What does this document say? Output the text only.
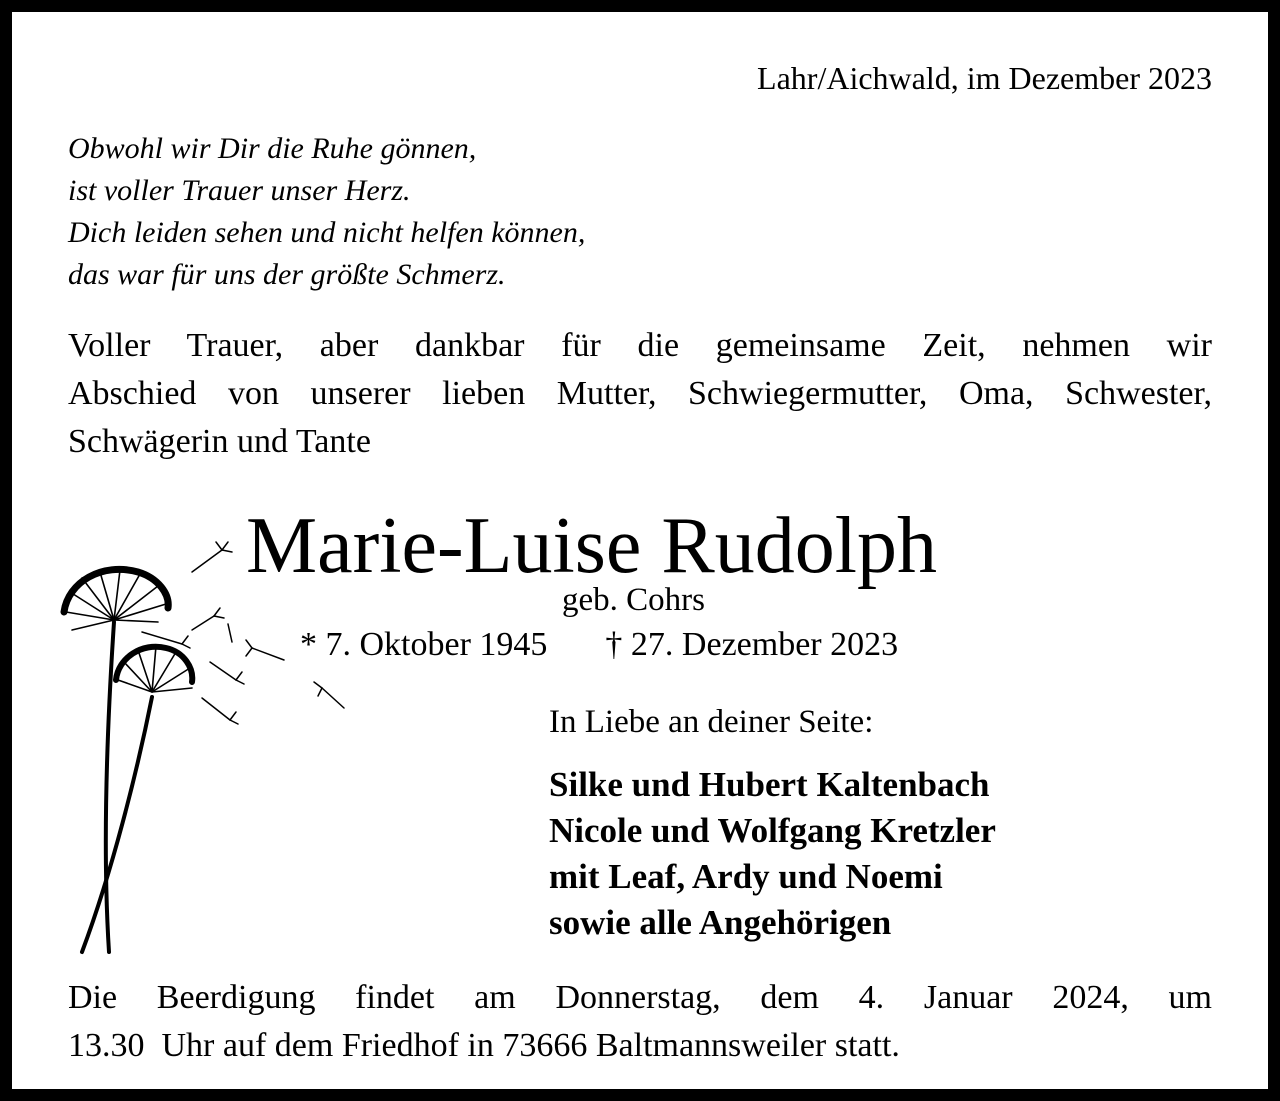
Lahr/Aichwald, im Dezember 2023
Obwohl wir Dir die Ruhe gönnen,
ist voller Trauer unser Herz.
Dich leiden sehen und nicht helfen können,
das war für uns der größte Schmerz.
Voller Trauer, aber dankbar für die gemeinsame Zeit, nehmen wir
Abschied von unserer lieben Mutter, Schwiegermutter, Oma, Schwester,
Schwägerin und Tante
Marie-Luise Rudolph
geb. Cohrs
* 7. Oktober 1945 † 27. Dezember 2023
In Liebe an deiner Seite:
Silke und Hubert Kaltenbach
Nicole und Wolfgang Kretzler
mit Leaf, Ardy und Noemi
sowie alle Angehörigen
Die Beerdigung findet am Donnerstag, dem 4. Januar 2024, um
13.30  Uhr auf dem Friedhof in 73666 Baltmannsweiler statt.
